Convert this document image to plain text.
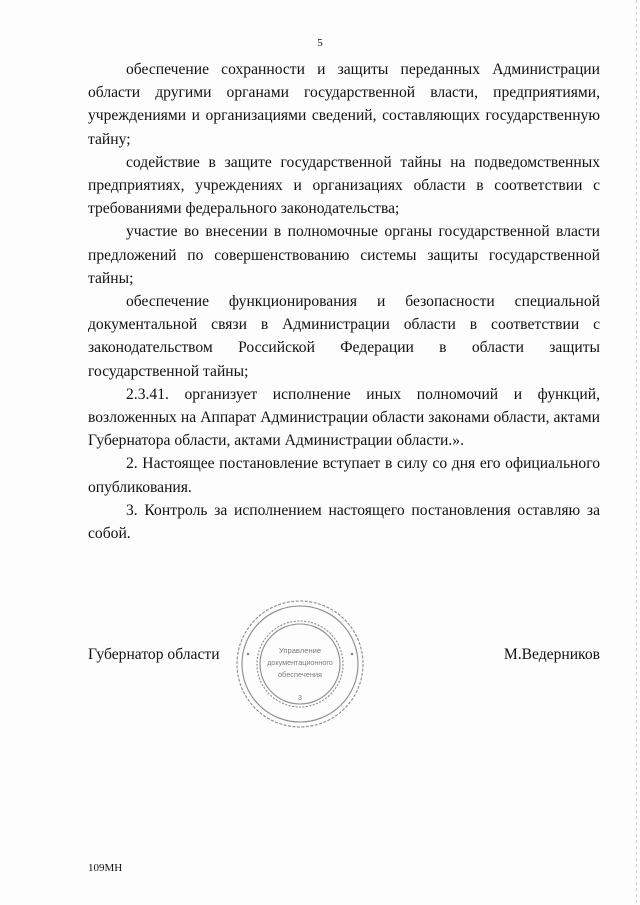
5

обеспечение сохранности и защиты переданных Администрации области другими органами государственной власти, предприятиями, учреждениями и организациями сведений, составляющих государственную тайну;

содействие в защите государственной тайны на подведомственных предприятиях, учреждениях и организациях области в соответствии с требованиями федерального законодательства;

участие во внесении в полномочные органы государственной власти предложений по совершенствованию системы защиты государственной тайны;

обеспечение функционирования и безопасности специальной документальной связи в Администрации области в соответствии с законодательством Российской Федерации в области защиты государственной тайны;

2.3.41. организует исполнение иных полномочий и функций, возложенных на Аппарат Администрации области законами области, актами Губернатора области, актами Администрации области.».

2. Настоящее постановление вступает в силу со дня его официального опубликования.

3. Контроль за исполнением настоящего постановления оставляю за собой.

Губернатор области	М.Ведерников
Управление
документационного
обеспечения
3
109МН
